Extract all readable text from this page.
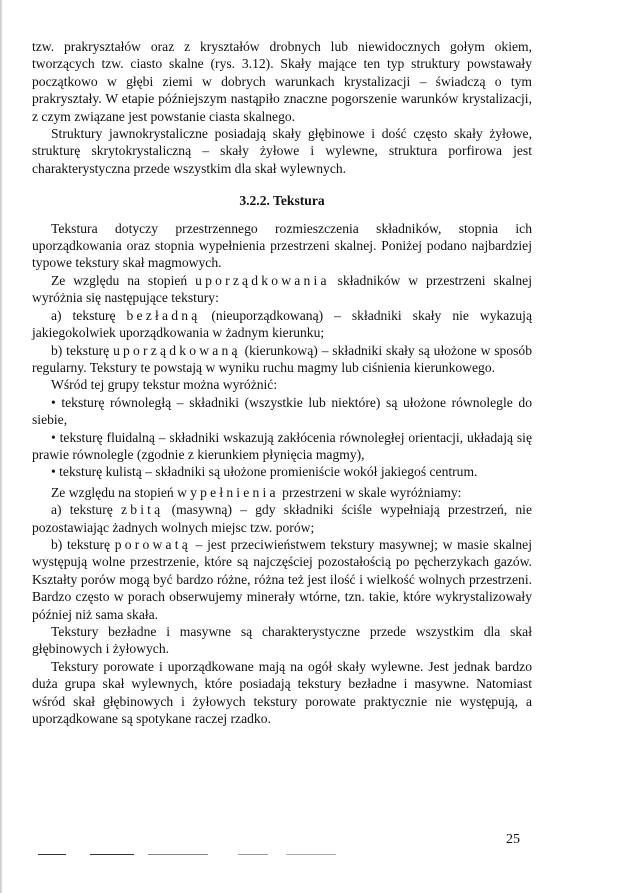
tzw. prakryształów oraz z kryształów drobnych lub niewidocznych gołym okiem, tworzących tzw. ciasto skalne (rys. 3.12). Skały mające ten typ struktury powstawały początkowo w głębi ziemi w dobrych warunkach krystalizacji – świadczą o tym prakryształy. W etapie późniejszym nastąpiło znaczne pogorszenie warunków krystalizacji, z czym związane jest powstanie ciasta skalnego.

Struktury jawnokrystaliczne posiadają skały głębinowe i dość często skały żyłowe, strukturę skrytokrystaliczną – skały żyłowe i wylewne, struktura porfirowa jest charakterystyczna przede wszystkim dla skał wylewnych.

3.2.2. Tekstura

Tekstura dotyczy przestrzennego rozmieszczenia składników, stopnia ich uporządkowania oraz stopnia wypełnienia przestrzeni skalnej. Poniżej podano najbardziej typowe tekstury skał magmowych.

Ze względu na stopień uporządkowania składników w przestrzeni skalnej wyróżnia się następujące tekstury:

a) teksturę bezładną (nieuporządkowaną) – składniki skały nie wykazują jakiegokolwiek uporządkowania w żadnym kierunku;

b) teksturę uporządkowaną (kierunkową) – składniki skały są ułożone w sposób regularny. Tekstury te powstają w wyniku ruchu magmy lub ciśnienia kierunkowego.

Wśród tej grupy tekstur można wyróżnić:

• teksturę równoległą – składniki (wszystkie lub niektóre) są ułożone równolegle do siebie,

• teksturę fluidalną – składniki wskazują zakłócenia równoległej orientacji, układają się prawie równolegle (zgodnie z kierunkiem płynięcia magmy),

• teksturę kulistą – składniki są ułożone promieniście wokół jakiegoś centrum.

Ze względu na stopień wypełnienia przestrzeni w skale wyróżniamy:

a) teksturę zbitą (masywną) – gdy składniki ściśle wypełniają przestrzeń, nie pozostawiając żadnych wolnych miejsc tzw. porów;

b) teksturę porowatą – jest przeciwieństwem tekstury masywnej; w masie skalnej występują wolne przestrzenie, które są najczęściej pozostałością po pęcherzykach gazów. Kształty porów mogą być bardzo różne, różna też jest ilość i wielkość wolnych przestrzeni. Bardzo często w porach obserwujemy minerały wtórne, tzn. takie, które wykrystalizowały później niż sama skała.

Tekstury bezładne i masywne są charakterystyczne przede wszystkim dla skał głębinowych i żyłowych.

Tekstury porowate i uporządkowane mają na ogół skały wylewne. Jest jednak bardzo duża grupa skał wylewnych, które posiadają tekstury bezładne i masywne. Natomiast wśród skał głębinowych i żyłowych tekstury porowate praktycznie nie występują, a uporządkowane są spotykane raczej rzadko.

25
